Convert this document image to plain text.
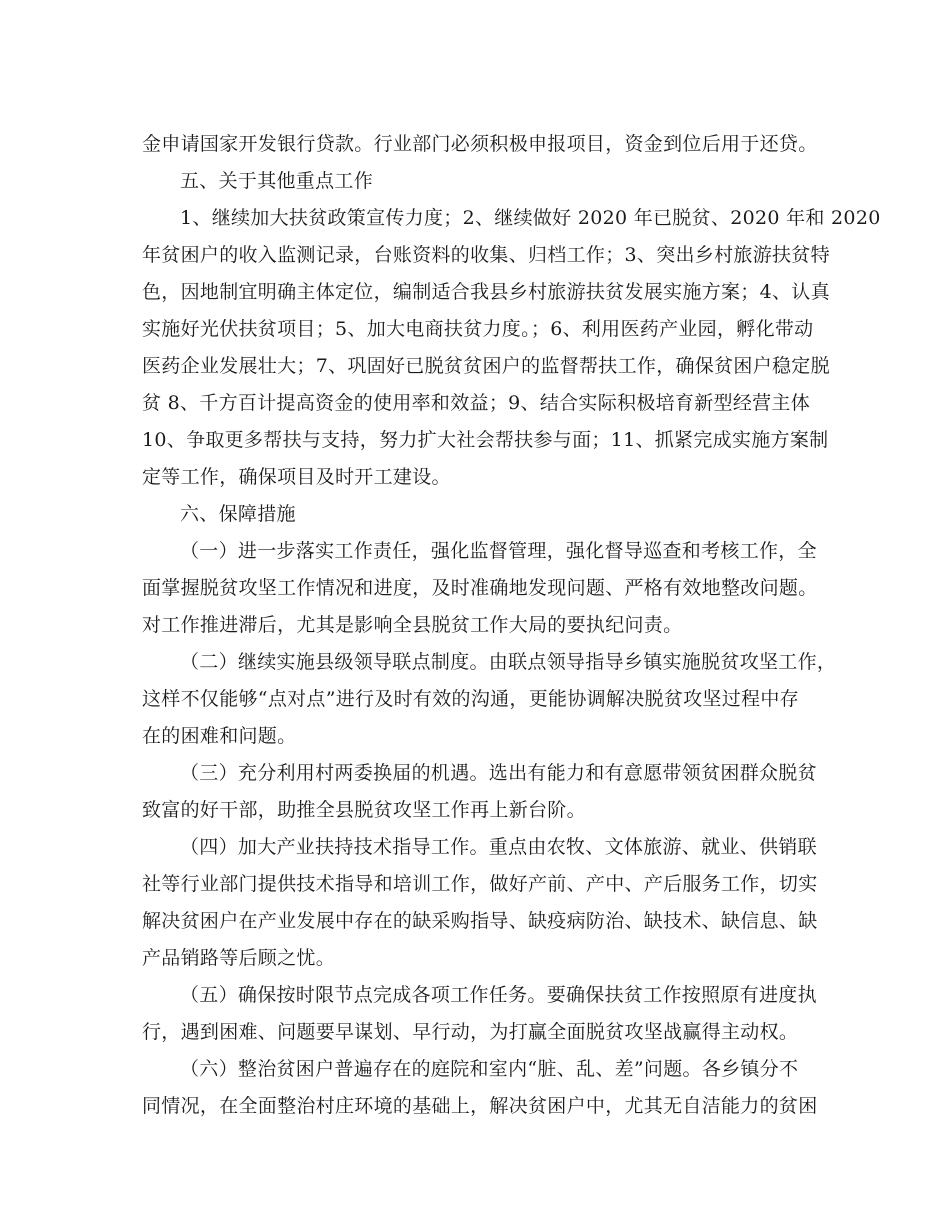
金申请国家开发银行贷款。行业部门必须积极申报项目，资金到位后用于还贷。
五、关于其他重点工作
1、继续加大扶贫政策宣传力度；2、继续做好 2020 年已脱贫、2020 年和 2020
年贫困户的收入监测记录，台账资料的收集、归档工作；3、突出乡村旅游扶贫特
色，因地制宜明确主体定位，编制适合我县乡村旅游扶贫发展实施方案；4、认真
实施好光伏扶贫项目；5、加大电商扶贫力度。；6、利用医药产业园，孵化带动
医药企业发展壮大；7、巩固好已脱贫贫困户的监督帮扶工作，确保贫困户稳定脱
贫 8、千方百计提高资金的使用率和效益；9、结合实际积极培育新型经营主体
10、争取更多帮扶与支持，努力扩大社会帮扶参与面；11、抓紧完成实施方案制
定等工作，确保项目及时开工建设。
六、保障措施
（一）进一步落实工作责任，强化监督管理，强化督导巡查和考核工作，全
面掌握脱贫攻坚工作情况和进度，及时准确地发现问题、严格有效地整改问题。
对工作推进滞后，尤其是影响全县脱贫工作大局的要执纪问责。
（二）继续实施县级领导联点制度。由联点领导指导乡镇实施脱贫攻坚工作，
这样不仅能够“点对点”进行及时有效的沟通，更能协调解决脱贫攻坚过程中存
在的困难和问题。
（三）充分利用村两委换届的机遇。选出有能力和有意愿带领贫困群众脱贫
致富的好干部，助推全县脱贫攻坚工作再上新台阶。
（四）加大产业扶持技术指导工作。重点由农牧、文体旅游、就业、供销联
社等行业部门提供技术指导和培训工作，做好产前、产中、产后服务工作，切实
解决贫困户在产业发展中存在的缺采购指导、缺疫病防治、缺技术、缺信息、缺
产品销路等后顾之忧。
（五）确保按时限节点完成各项工作任务。要确保扶贫工作按照原有进度执
行，遇到困难、问题要早谋划、早行动，为打赢全面脱贫攻坚战赢得主动权。
（六）整治贫困户普遍存在的庭院和室内“脏、乱、差”问题。各乡镇分不
同情况，在全面整治村庄环境的基础上，解决贫困户中，尤其无自洁能力的贫困
